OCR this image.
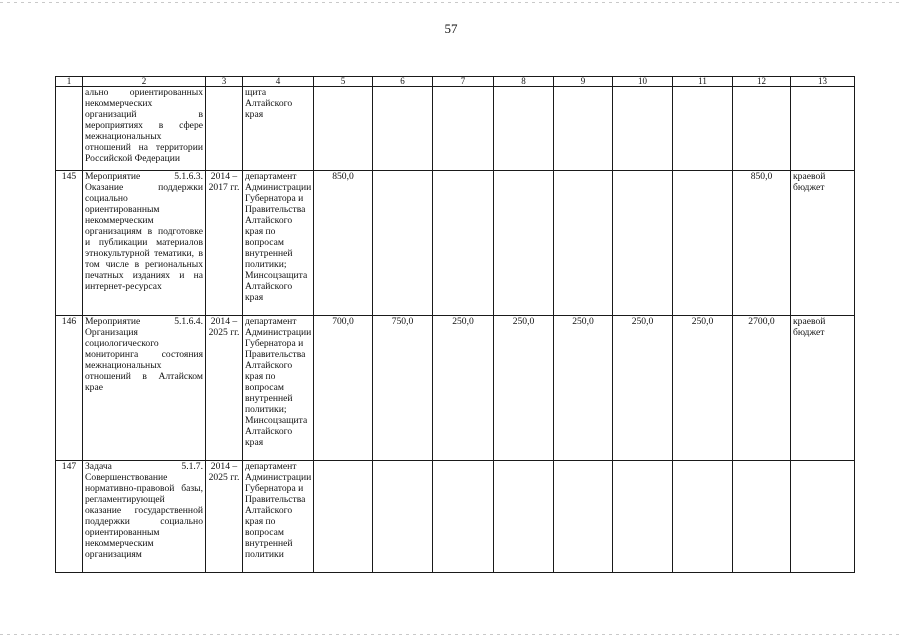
57
1	2	3	4	5	6	7	8	9	10	11	12	13
	ально ориентированных некоммерческих организаций в мероприятиях в сфере межнациональных отношений на территории Российской Федерации		щита Алтайского края									
145	Мероприятие 5.1.6.3. Оказание поддержки социально ориентированным некоммерческим организациям в подготовке и публикации материалов этнокультурной тематики, в том числе в региональных печатных изданиях и на интернет-ресурсах	2014 – 2017 гг.	департамент Администрации Губернатора и Правительства Алтайского края по вопросам внутренней политики; Минсоцзащита Алтайского края	850,0							850,0	краевой бюджет
146	Мероприятие 5.1.6.4. Организация социологического мониторинга состояния межнациональных отношений в Алтайском крае	2014 – 2025 гг.	департамент Администрации Губернатора и Правительства Алтайского края по вопросам внутренней политики; Минсоцзащита Алтайского края	700,0	750,0	250,0	250,0	250,0	250,0	250,0	2700,0	краевой бюджет
147	Задача 5.1.7. Совершенствование нормативно-правовой базы, регламентирующей оказание государственной поддержки социально ориентированным некоммерческим организациям	2014 – 2025 гг.	департамент Администрации Губернатора и Правительства Алтайского края по вопросам внутренней политики									
